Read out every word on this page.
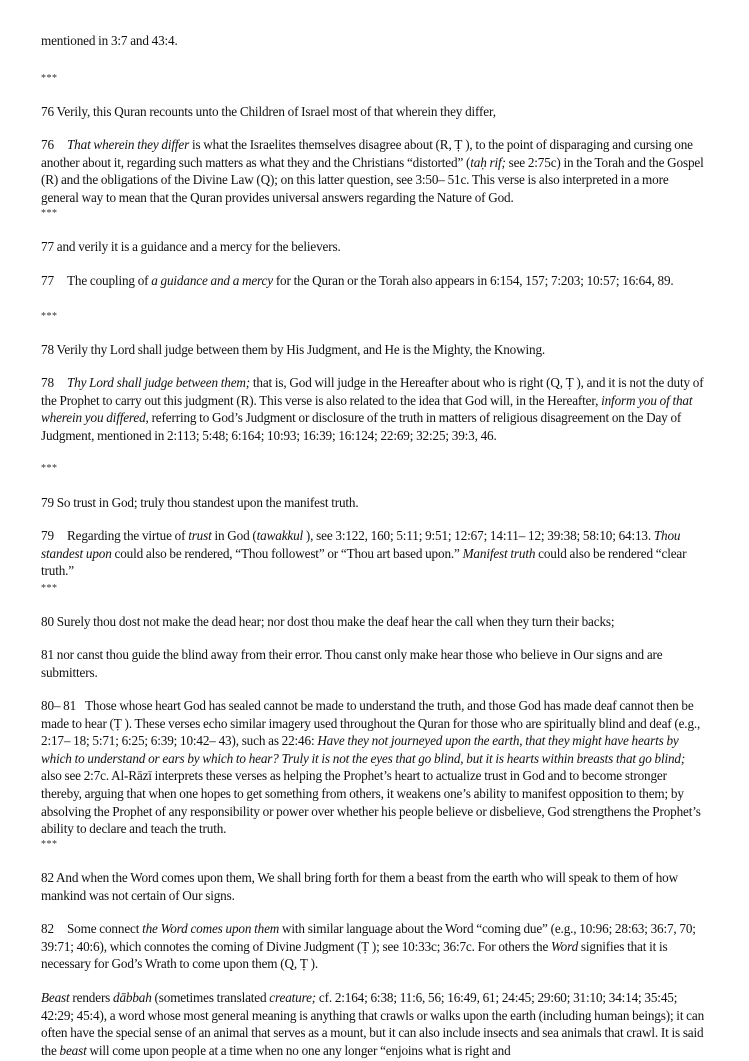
mentioned in 3:7 and 43:4.

***

76 Verily, this Quran recounts unto the Children of Israel most of that wherein they differ,

76 That wherein they differ is what the Israelites themselves disagree about (R, Ṭ ), to the point of disparaging and cursing one another about it, regarding such matters as what they and the Christians “distorted” (taḥ rif; see 2:75c) in the Torah and the Gospel (R) and the obligations of the Divine Law (Q); on this latter question, see 3:50– 51c. This verse is also interpreted in a more general way to mean that the Quran provides universal answers regarding the Nature of God.

***

77 and verily it is a guidance and a mercy for the believers.

77 The coupling of a guidance and a mercy for the Quran or the Torah also appears in 6:154, 157; 7:203; 10:57; 16:64, 89.

***

78 Verily thy Lord shall judge between them by His Judgment, and He is the Mighty, the Knowing.

78 Thy Lord shall judge between them; that is, God will judge in the Hereafter about who is right (Q, Ṭ ), and it is not the duty of the Prophet to carry out this judgment (R). This verse is also related to the idea that God will, in the Hereafter, inform you of that wherein you differed, referring to God’s Judgment or disclosure of the truth in matters of religious disagreement on the Day of Judgment, mentioned in 2:113; 5:48; 6:164; 10:93; 16:39; 16:124; 22:69; 32:25; 39:3, 46.

***

79 So trust in God; truly thou standest upon the manifest truth.

79 Regarding the virtue of trust in God (tawakkul ), see 3:122, 160; 5:11; 9:51; 12:67; 14:11– 12; 39:38; 58:10; 64:13. Thou standest upon could also be rendered, “Thou followest” or “Thou art based upon.” Manifest truth could also be rendered “clear truth.”

***

80 Surely thou dost not make the dead hear; nor dost thou make the deaf hear the call when they turn their backs;

81 nor canst thou guide the blind away from their error. Thou canst only make hear those who believe in Our signs and are submitters.

80– 81 Those whose heart God has sealed cannot be made to understand the truth, and those God has made deaf cannot then be made to hear (Ṭ ). These verses echo similar imagery used throughout the Quran for those who are spiritually blind and deaf (e.g., 2:17– 18; 5:71; 6:25; 6:39; 10:42– 43), such as 22:46: Have they not journeyed upon the earth, that they might have hearts by which to understand or ears by which to hear? Truly it is not the eyes that go blind, but it is hearts within breasts that go blind; also see 2:7c. Al-Rāzī interprets these verses as helping the Prophet’s heart to actualize trust in God and to become stronger thereby, arguing that when one hopes to get something from others, it weakens one’s ability to manifest opposition to them; by absolving the Prophet of any responsibility or power over whether his people believe or disbelieve, God strengthens the Prophet’s ability to declare and teach the truth.

***

82 And when the Word comes upon them, We shall bring forth for them a beast from the earth who will speak to them of how mankind was not certain of Our signs.

82 Some connect the Word comes upon them with similar language about the Word “coming due” (e.g., 10:96; 28:63; 36:7, 70; 39:71; 40:6), which connotes the coming of Divine Judgment (Ṭ ); see 10:33c; 36:7c. For others the Word signifies that it is necessary for God’s Wrath to come upon them (Q, Ṭ ).

Beast renders dābbah (sometimes translated creature; cf. 2:164; 6:38; 11:6, 56; 16:49, 61; 24:45; 29:60; 31:10; 34:14; 35:45; 42:29; 45:4), a word whose most general meaning is anything that crawls or walks upon the earth (including human beings); it can often have the special sense of an animal that serves as a mount, but it can also include insects and sea animals that crawl. It is said the beast will come upon people at a time when no one any longer “enjoins what is right and
